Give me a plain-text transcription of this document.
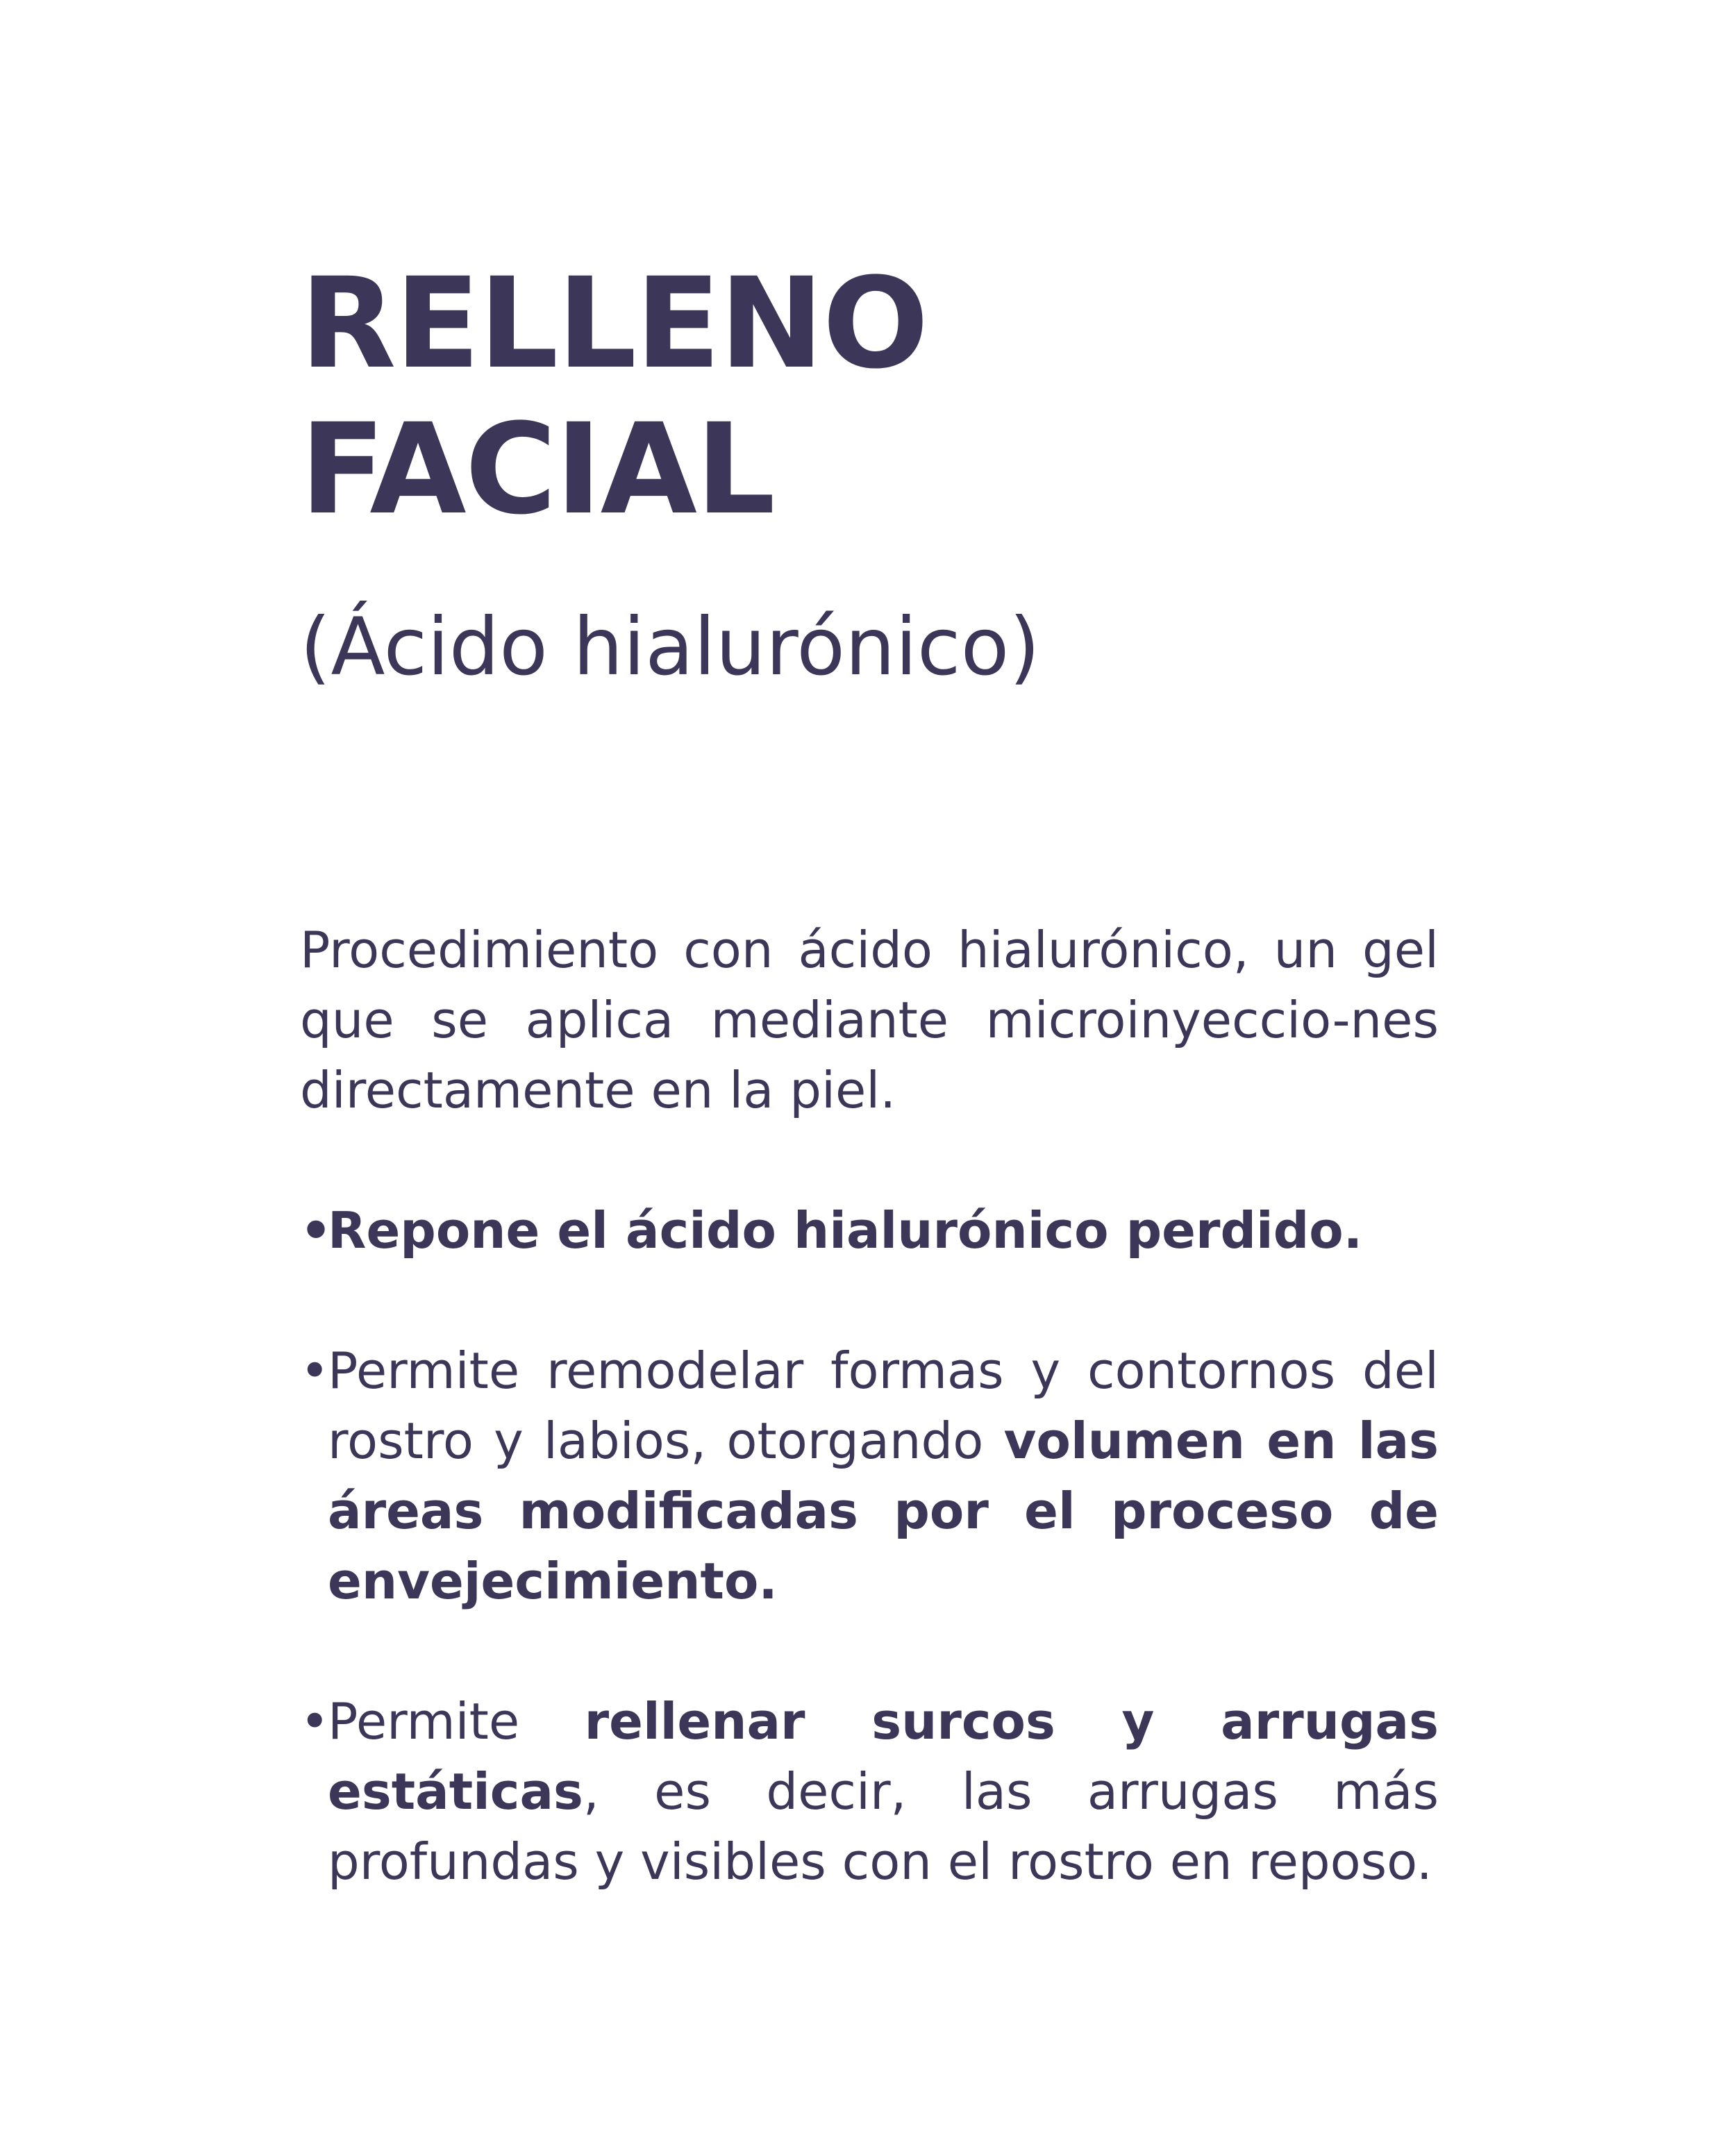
RELLENO
FACIAL
(Ácido hialurónico)

Procedimiento con ácido hialurónico, un gel que se aplica mediante microinyeccio-nes directamente en la piel.

•
Repone el ácido hialurónico perdido.
•
Permite remodelar formas y contornos del rostro y labios, otorgando volumen en las áreas modificadas por el proceso de envejecimiento.
•
Permite rellenar surcos y arrugas estáticas, es decir, las arrugas más profundas y visibles con el rostro en reposo.
